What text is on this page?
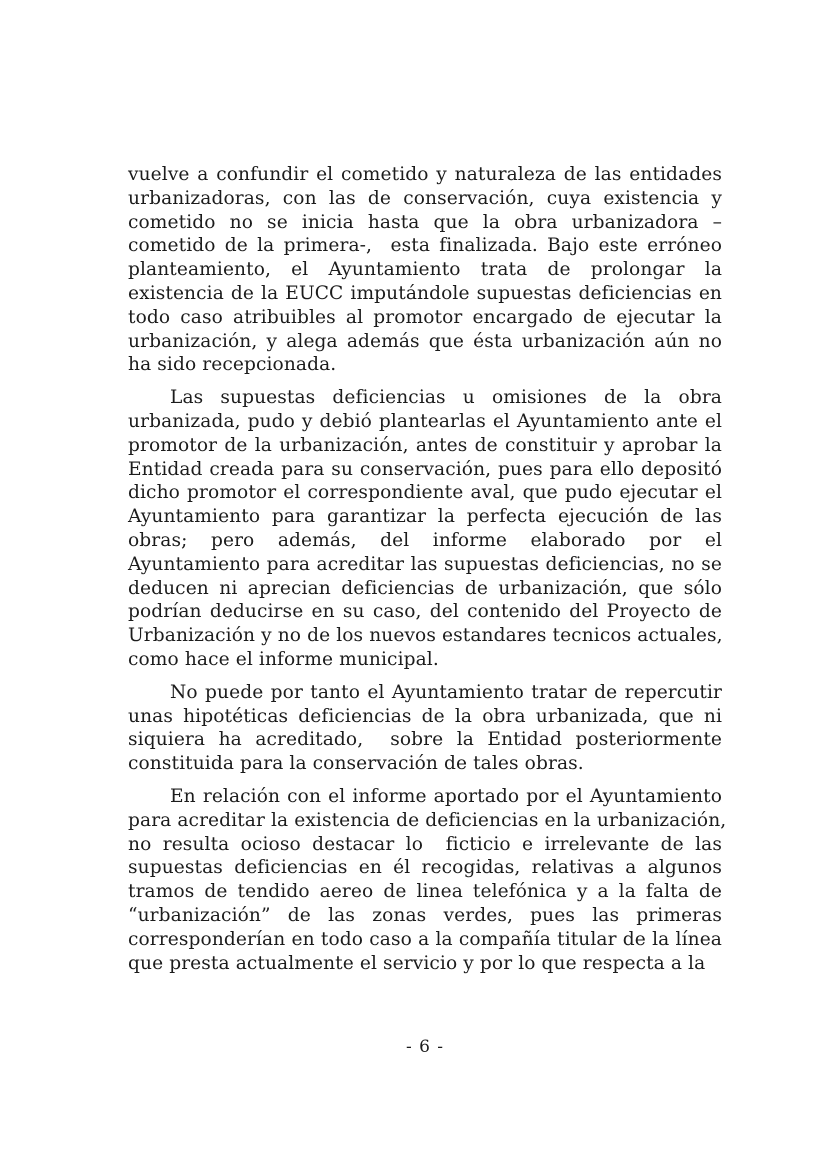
vuelve a confundir el cometido y naturaleza de las entidades
urbanizadoras, con las de conservación, cuya existencia y
cometido no se inicia hasta que la obra urbanizadora –
cometido de la primera-,  esta finalizada. Bajo este erróneo
planteamiento, el Ayuntamiento trata de prolongar la
existencia de la EUCC imputándole supuestas deficiencias en
todo caso atribuibles al promotor encargado de ejecutar la
urbanización, y alega además que ésta urbanización aún no
ha sido recepcionada.
Las supuestas deficiencias u omisiones de la obra
urbanizada, pudo y debió plantearlas el Ayuntamiento ante el
promotor de la urbanización, antes de constituir y aprobar la
Entidad creada para su conservación, pues para ello depositó
dicho promotor el correspondiente aval, que pudo ejecutar el
Ayuntamiento para garantizar la perfecta ejecución de las
obras; pero además, del informe elaborado por el
Ayuntamiento para acreditar las supuestas deficiencias, no se
deducen ni aprecian deficiencias de urbanización, que sólo
podrían deducirse en su caso, del contenido del Proyecto de
Urbanización y no de los nuevos estandares tecnicos actuales,
como hace el informe municipal.
No puede por tanto el Ayuntamiento tratar de repercutir
unas hipotéticas deficiencias de la obra urbanizada, que ni
siquiera ha acreditado,  sobre la Entidad posteriormente
constituida para la conservación de tales obras.
En relación con el informe aportado por el Ayuntamiento
para acreditar la existencia de deficiencias en la urbanización,
no resulta ocioso destacar lo  ficticio e irrelevante de las
supuestas deficiencias en él recogidas, relativas a algunos
tramos de tendido aereo de linea telefónica y a la falta de
“urbanización” de las zonas verdes, pues las primeras
corresponderían en todo caso a la compañía titular de la línea
que presta actualmente el servicio y por lo que respecta a la
- 6 -
